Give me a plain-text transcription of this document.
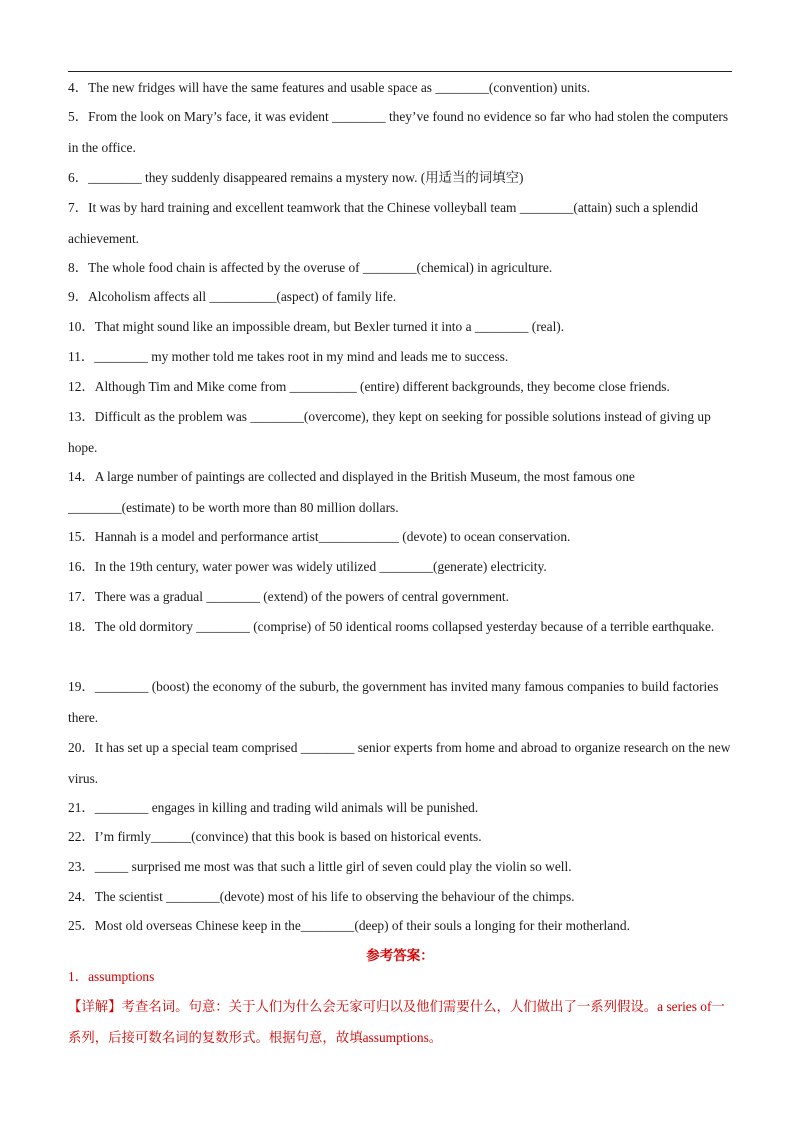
4．The new fridges will have the same features and usable space as ________(convention) units.
5．From the look on Mary’s face, it was evident ________ they’ve found no evidence so far who had stolen the computers in the office.
6．________ they suddenly disappeared remains a mystery now. (用适当的词填空)
7．It was by hard training and excellent teamwork that the Chinese volleyball team ________(attain) such a splendid achievement.
8．The whole food chain is affected by the overuse of ________(chemical) in agriculture.
9．Alcoholism affects all __________(aspect) of family life.
10．That might sound like an impossible dream, but Bexler turned it into a ________ (real).
11．________ my mother told me takes root in my mind and leads me to success.
12．Although Tim and Mike come from __________ (entire) different backgrounds, they become close friends.
13．Difficult as the problem was ________(overcome), they kept on seeking for possible solutions instead of giving up hope.
14．A large number of paintings are collected and displayed in the British Museum, the most famous one ________(estimate) to be worth more than 80 million dollars.
15．Hannah is a model and performance artist____________ (devote) to ocean conservation.
16．In the 19th century, water power was widely utilized ________(generate) electricity.
17．There was a gradual ________ (extend) of the powers of central government.
18．The old dormitory ________ (comprise) of 50 identical rooms collapsed yesterday because of a terrible earthquake.
19．________ (boost) the economy of the suburb, the government has invited many famous companies to build factories there.
20．It has set up a special team comprised ________ senior experts from home and abroad to organize research on the new virus.
21．________ engages in killing and trading wild animals will be punished.
22．I’m firmly______(convince) that this book is based on historical events.
23．_____ surprised me most was that such a little girl of seven could play the violin so well.
24．The scientist ________(devote) most of his life to observing the behaviour of the chimps.
25．Most old overseas Chinese keep in the________(deep) of their souls a longing for their motherland.
参考答案：
1．assumptions
【详解】考查名词。句意：关于人们为什么会无家可归以及他们需要什么，人们做出了一系列假设。a series of一系列，后接可数名词的复数形式。根据句意，故填assumptions。
